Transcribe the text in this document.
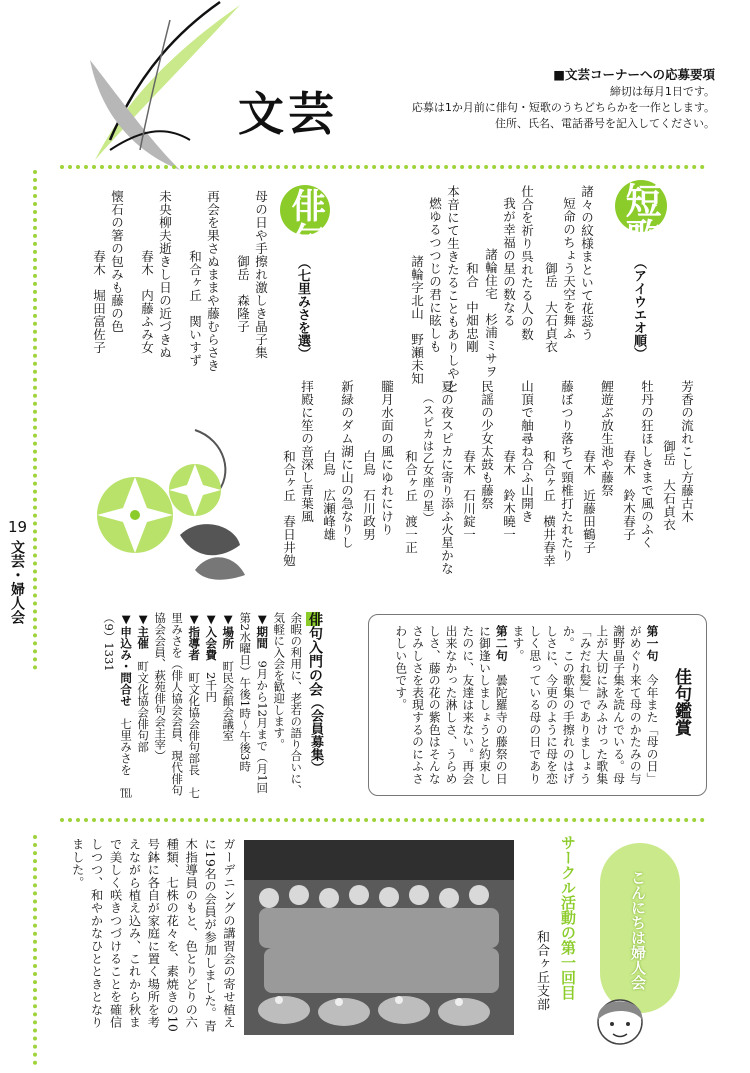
文芸
■文芸コーナーへの応募要項
締切は毎月1日です。
応募は1か月前に俳句・短歌のうちどちらかを一作とします。
住所、氏名、電話番号を記入してください。
19
文芸・婦人会
短歌
（アイウエオ順）
諸々の紋様まといて花蕊う
短命のちょう天空を舞ふ
御岳　大石貞衣
仕合を祈り呉れたる人の数
我が幸福の星の数なる
諸輪住宅　杉浦ミサヲ
本音にて生きたることもありしやと
燃ゆるつつじの君に眩しも
諸輪字北山　野瀬未知	和合　中畑忠剛
芳香の流れこし方藤古木
御岳　大石貞衣
牡丹の狂ほしきまで風のふく
春木　鈴木春子
鯉遊ぶ放生池や藤祭
春木　近藤田鶴子
藤ぼつり落ちて頸椎打たれたり
和合ヶ丘　横井春幸
山頂で舳尋ね合ふ山開き
春木　鈴木曉一
民謡の少女太鼓も藤祭
春木　石川錠一
夏の夜スピカに寄り添ふ火星かな
（スピカは乙女座の星）
和合ヶ丘　渡一正
朧月水面の風にゆれにけり
白鳥　石川政男
新緑のダム湖に山の急なりし
白鳥　広瀬峰雄
拝殿に笙の音深し青葉風
和合ヶ丘　春日井勉
俳句
（七里みさを選）
母の日や手擦れ激しき晶子集
御岳　森隆子
再会を果さぬままや藤むらさき
和合ヶ丘　関いすず
未央柳夫逝きし日の近づきぬ
春木　内藤ふみ女
懐石の箸の包みも藤の色
春木　堀田富佐子
佳句鑑賞
第一句　今年また「母の日」がめぐり来て母のかたみの与謝野晶子集を読んでいる。母上が大切に詠みふけった歌集「みだれ髪」でありましょうか。この歌集の手擦れのはげしさに、今更のように母を恋しく思っている母の日であります。
第二句　曇陀羅寺の藤祭の日に御逢いしましょうと約束したのに、友達は来ない。再会出来なかった淋しさ、うらめしさ、藤の花の紫色はそんなさみしさを表現するのにふさわしい色です。
俳句入門の会（会員募集）
余暇の利用に、老若の語り合いに、気軽に入会を歓迎します。
▼期間　9月から12月まで（月1回第2水曜日）午後1時～午後3時
▼場所　町民会館会議室
▼入会費　2千円
▼指導者　町文化協会俳句部長　七里みさを（俳人協会会員、現代俳句協会会員、萩苑俳句会主宰）
▼主催　町文化協会俳句部
▼申込み・問合せ　七里みさを　℡（9）1331
こんにちは婦人会
サークル活動の第一回目
和合ヶ丘支部
ガーデニングの講習会の寄せ植えに19名の会員が参加しました。青木指導員のもと、色とりどりの六種類、七株の花々を、素焼きの10号鉢に各自が家庭に置く場所を考えながら植え込み、これから秋まで美しく咲きつづけることを確信しつつ、和やかなひとときとなりました。
